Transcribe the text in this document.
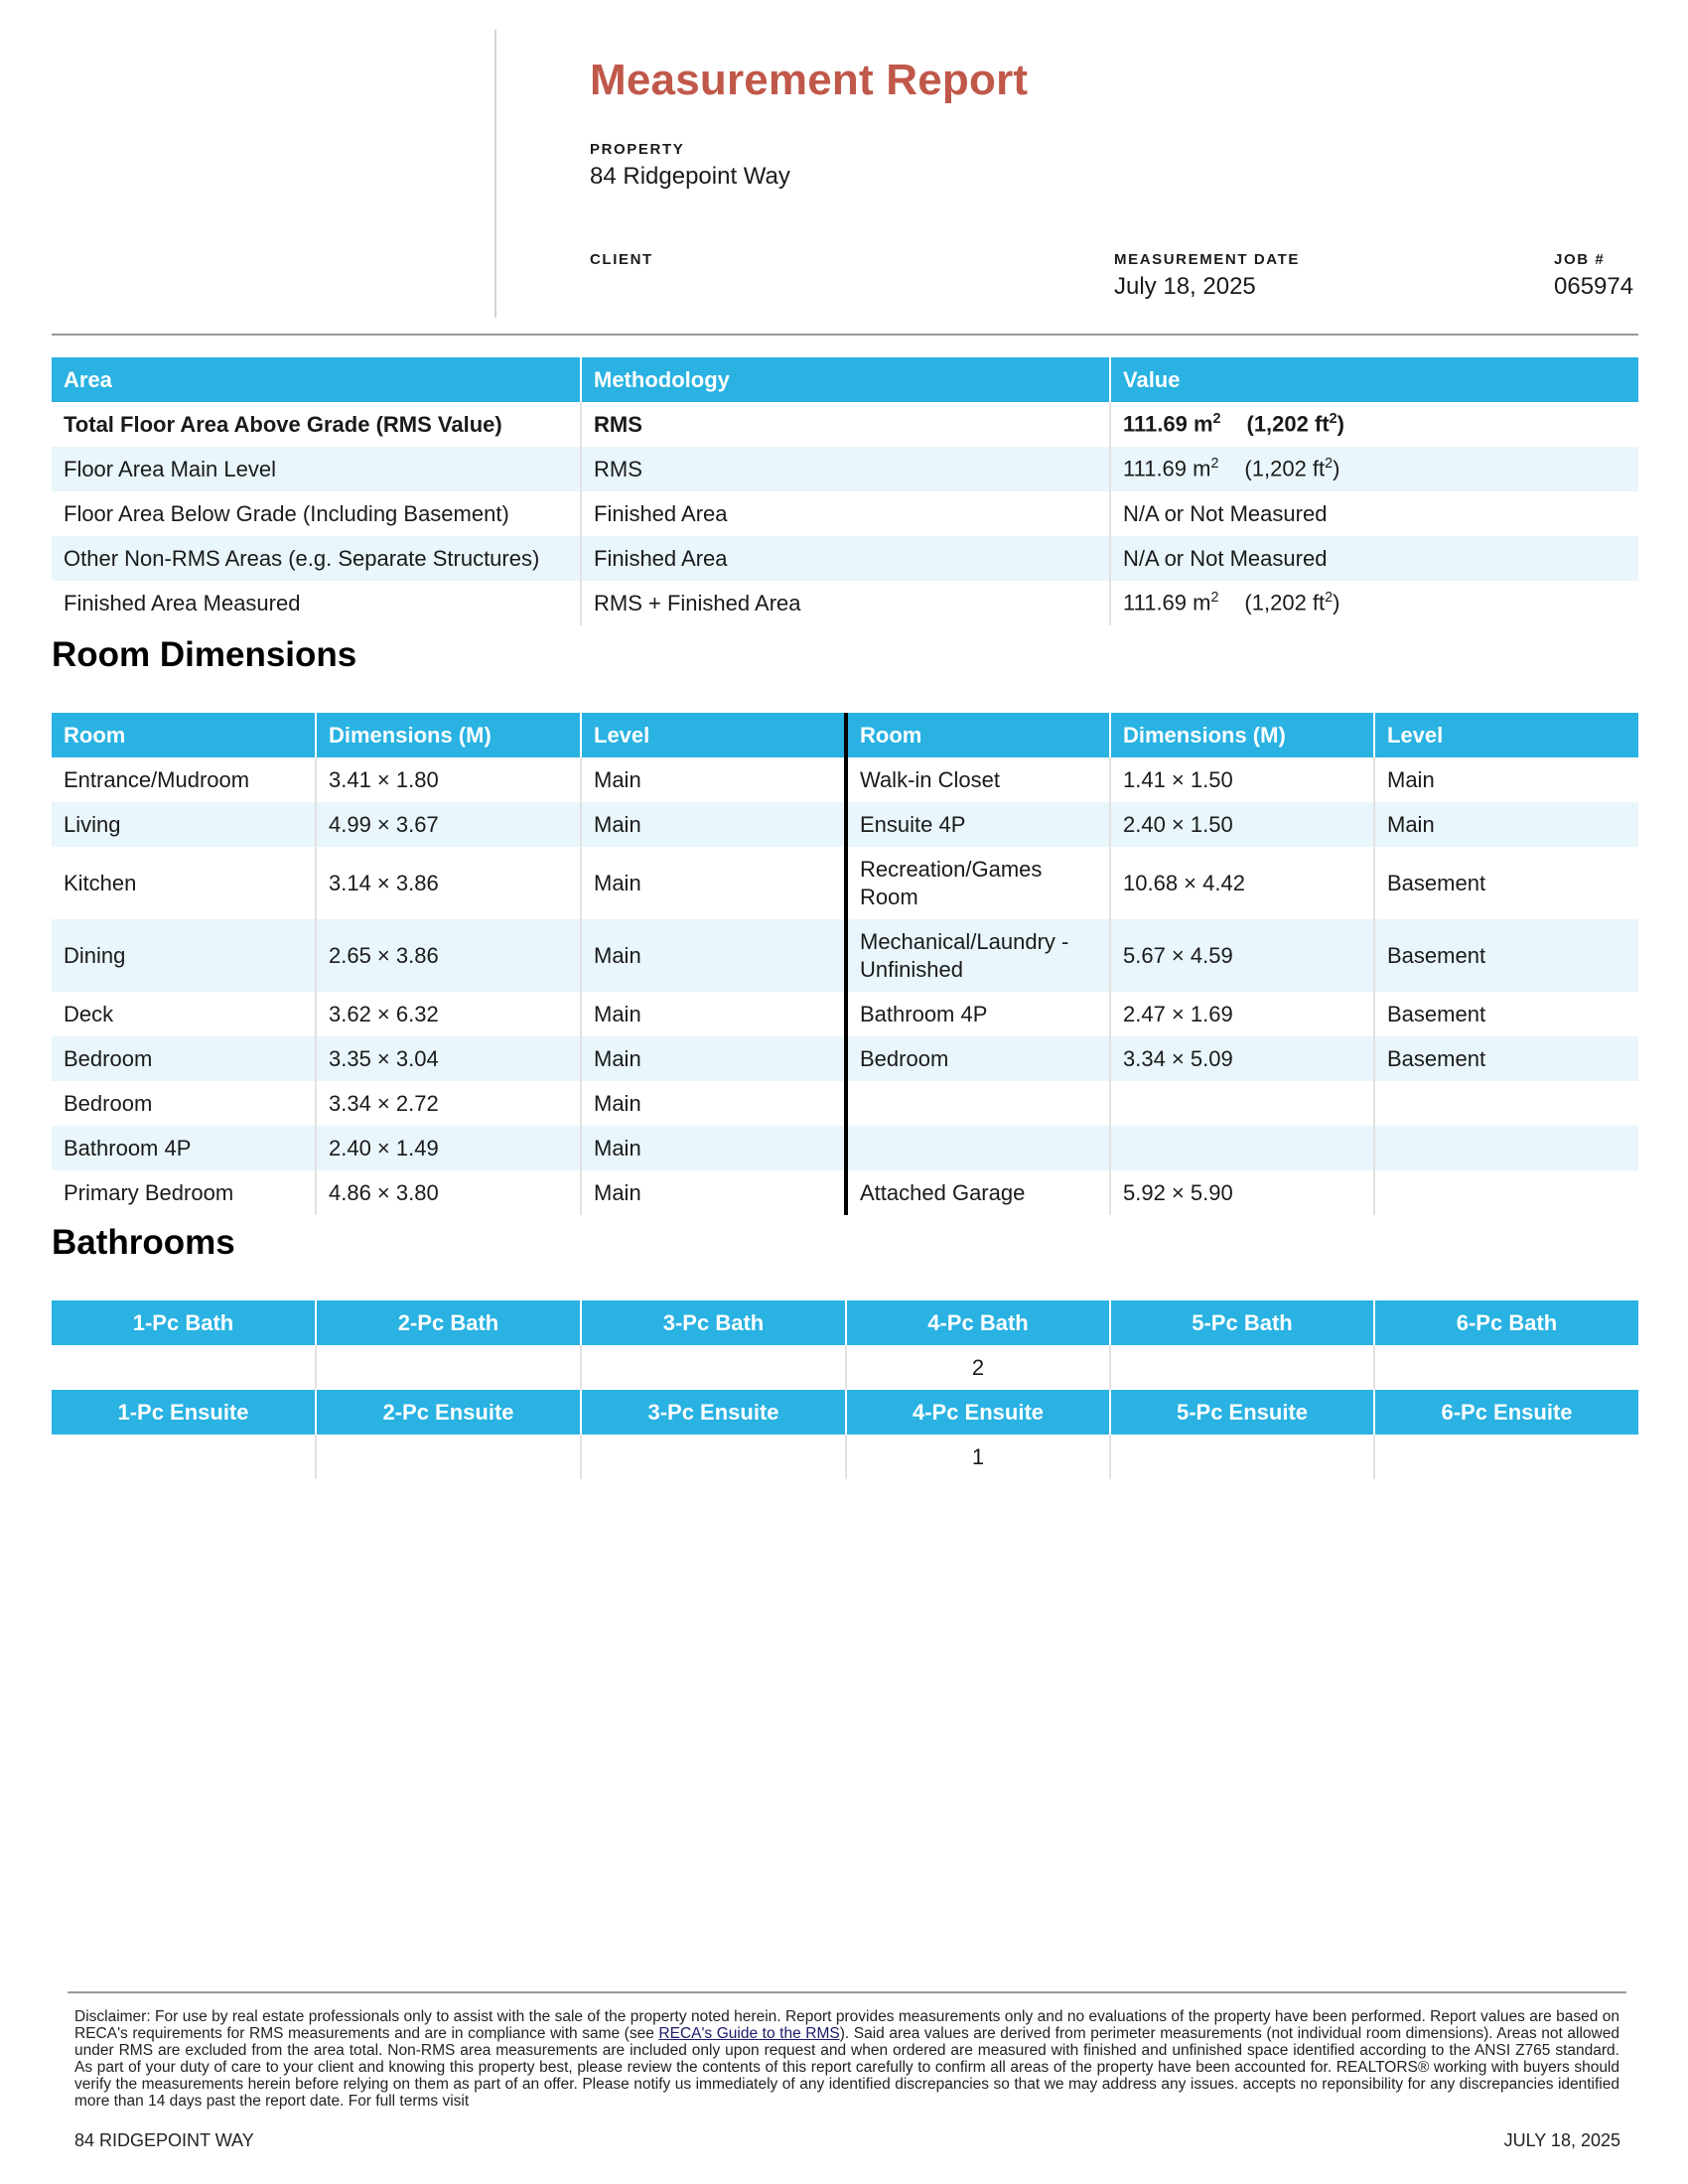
Measurement Report
PROPERTY
84 Ridgepoint Way
CLIENT	MEASUREMENT DATE
July 18, 2025
JOB #
065974
Area	Methodology	Value
Total Floor Area Above Grade (RMS Value)	RMS	111.69 $m^2$ (1,202 $ft^2$)
Floor Area Main Level	RMS	111.69 $m^2$ (1,202 $ft^2$)
Floor Area Below Grade (Including Basement)	Finished Area	N/A or Not Measured
Other Non-RMS Areas (e.g. Separate Structures)	Finished Area	N/A or Not Measured
Finished Area Measured	RMS + Finished Area	111.69 $m^2$ (1,202 $ft^2$)
Room Dimensions
Room	Dimensions (M)	Level	Room	Dimensions (M)	Level
Entrance/Mudroom	3.41 × 1.80	Main	Walk-in Closet	1.41 × 1.50	Main
Living	4.99 × 3.67	Main	Ensuite 4P	2.40 × 1.50	Main
Kitchen	3.14 × 3.86	Main	Recreation/Games Room	10.68 × 4.42	Basement
Dining	2.65 × 3.86	Main	Mechanical/Laundry - Unfinished	5.67 × 4.59	Basement
Deck	3.62 × 6.32	Main	Bathroom 4P	2.47 × 1.69	Basement
Bedroom	3.35 × 3.04	Main	Bedroom	3.34 × 5.09	Basement
Bedroom	3.34 × 2.72	Main			
Bathroom 4P	2.40 × 1.49	Main			
Primary Bedroom	4.86 × 3.80	Main	Attached Garage	5.92 × 5.90	
Bathrooms
1-Pc Bath	2-Pc Bath	3-Pc Bath	4-Pc Bath	5-Pc Bath	6-Pc Bath
			2		
1-Pc Ensuite	2-Pc Ensuite	3-Pc Ensuite	4-Pc Ensuite	5-Pc Ensuite	6-Pc Ensuite
			1		
Disclaimer: For use by real estate professionals only to assist with the sale of the property noted herein. Report provides measurements only and no evaluations of the property have been performed. Report values are based on RECA's requirements for RMS measurements and are in compliance with same (see RECA's Guide to the RMS). Said area values are derived from perimeter measurements (not individual room dimensions). Areas not allowed under RMS are excluded from the area total. Non-RMS area measurements are included only upon request and when ordered are measured with finished and unfinished space identified according to the ANSI Z765 standard. As part of your duty of care to your client and knowing this property best, please review the contents of this report carefully to confirm all areas of the property have been accounted for. REALTORS® working with buyers should verify the measurements herein before relying on them as part of an offer. Please notify us immediately of any identified discrepancies so that we may address any issues. accepts no reponsibility for any discrepancies identified more than 14 days past the report date. For full terms visit
84 RIDGEPOINT WAY	JULY 18, 2025
